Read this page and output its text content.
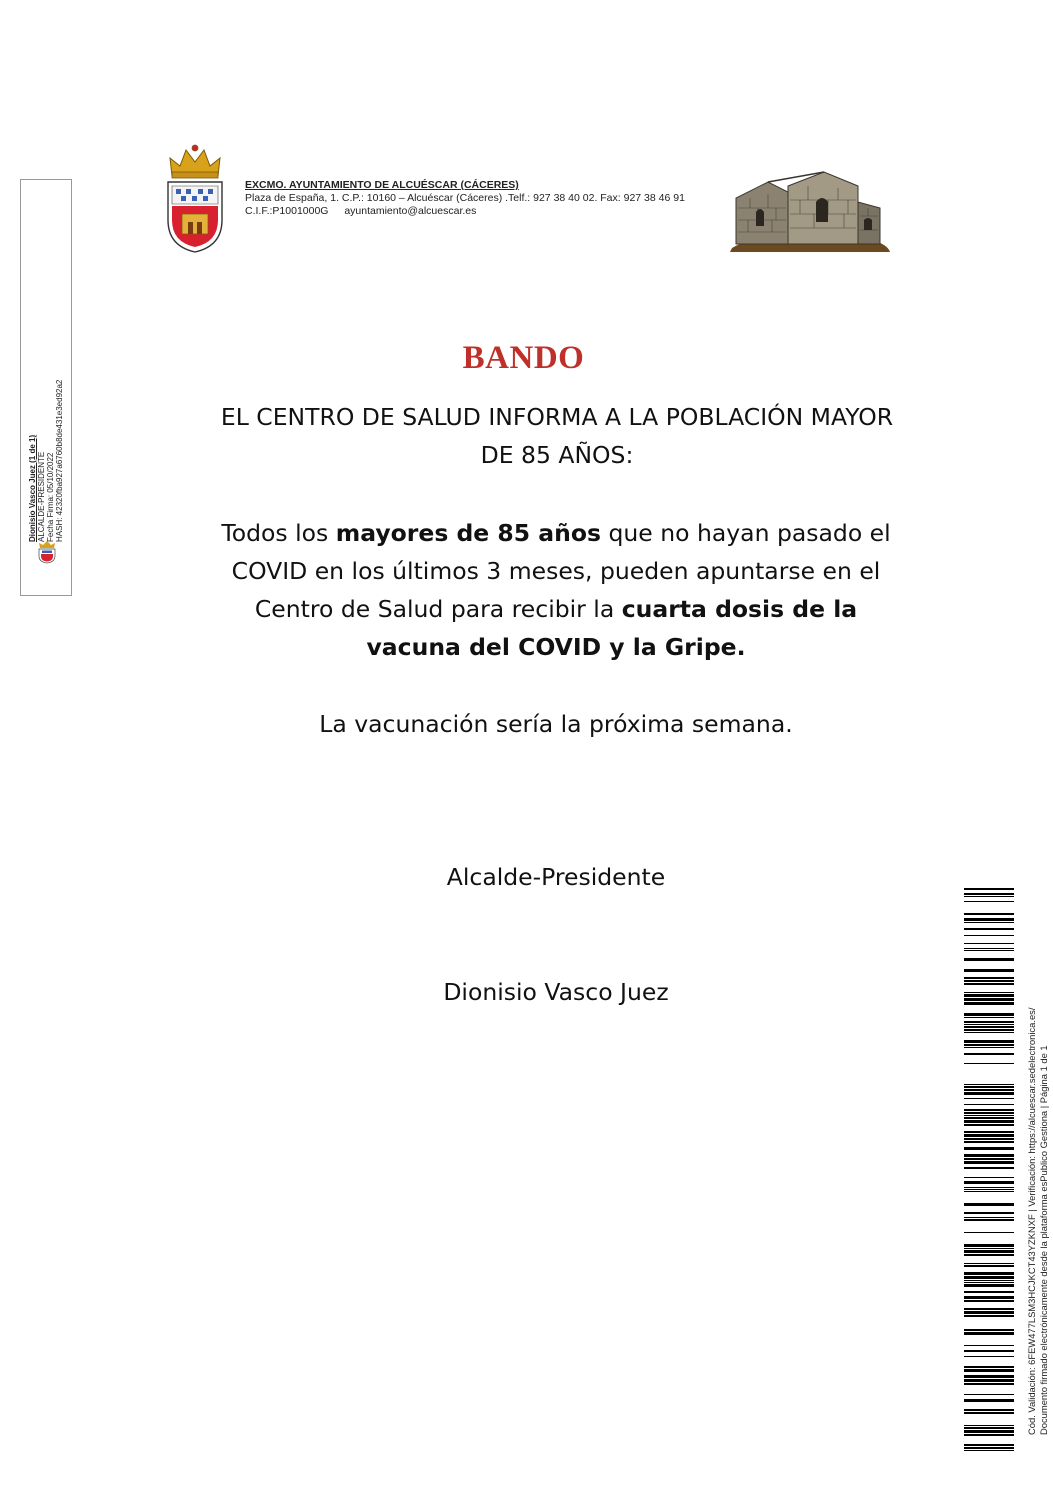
EXCMO. AYUNTAMIENTO DE ALCUÉSCAR (CÁCERES)
Plaza de España, 1. C.P.: 10160 – Alcuéscar (Cáceres) .Telf.: 927 38 40 02. Fax: 927 38 46 91
C.I.F.:P1001000G ayuntamiento@alcuescar.es
Dionisio Vasco Juez (1 de 1) ALCALDE-PRESIDENTE Fecha Firma: 05/10/2022 HASH: 42320fba927a6760b8de431e3ed92a2
BANDO
EL CENTRO DE SALUD INFORMA A LA POBLACIÓN MAYOR
DE 85 AÑOS:
Todos los mayores de 85 años que no hayan pasado el COVID en los últimos 3 meses, pueden apuntarse en el Centro de Salud para recibir la cuarta dosis de la vacuna del COVID y la Gripe.
La vacunación sería la próxima semana.
Alcalde-Presidente
Dionisio Vasco Juez
Cód. Validación: 6FEW477LSM3HCJKCT43YZKNXF | Verificación: https://alcuescar.sedelectronica.es/ Documento firmado electrónicamente desde la plataforma esPublico Gestiona | Página 1 de 1
